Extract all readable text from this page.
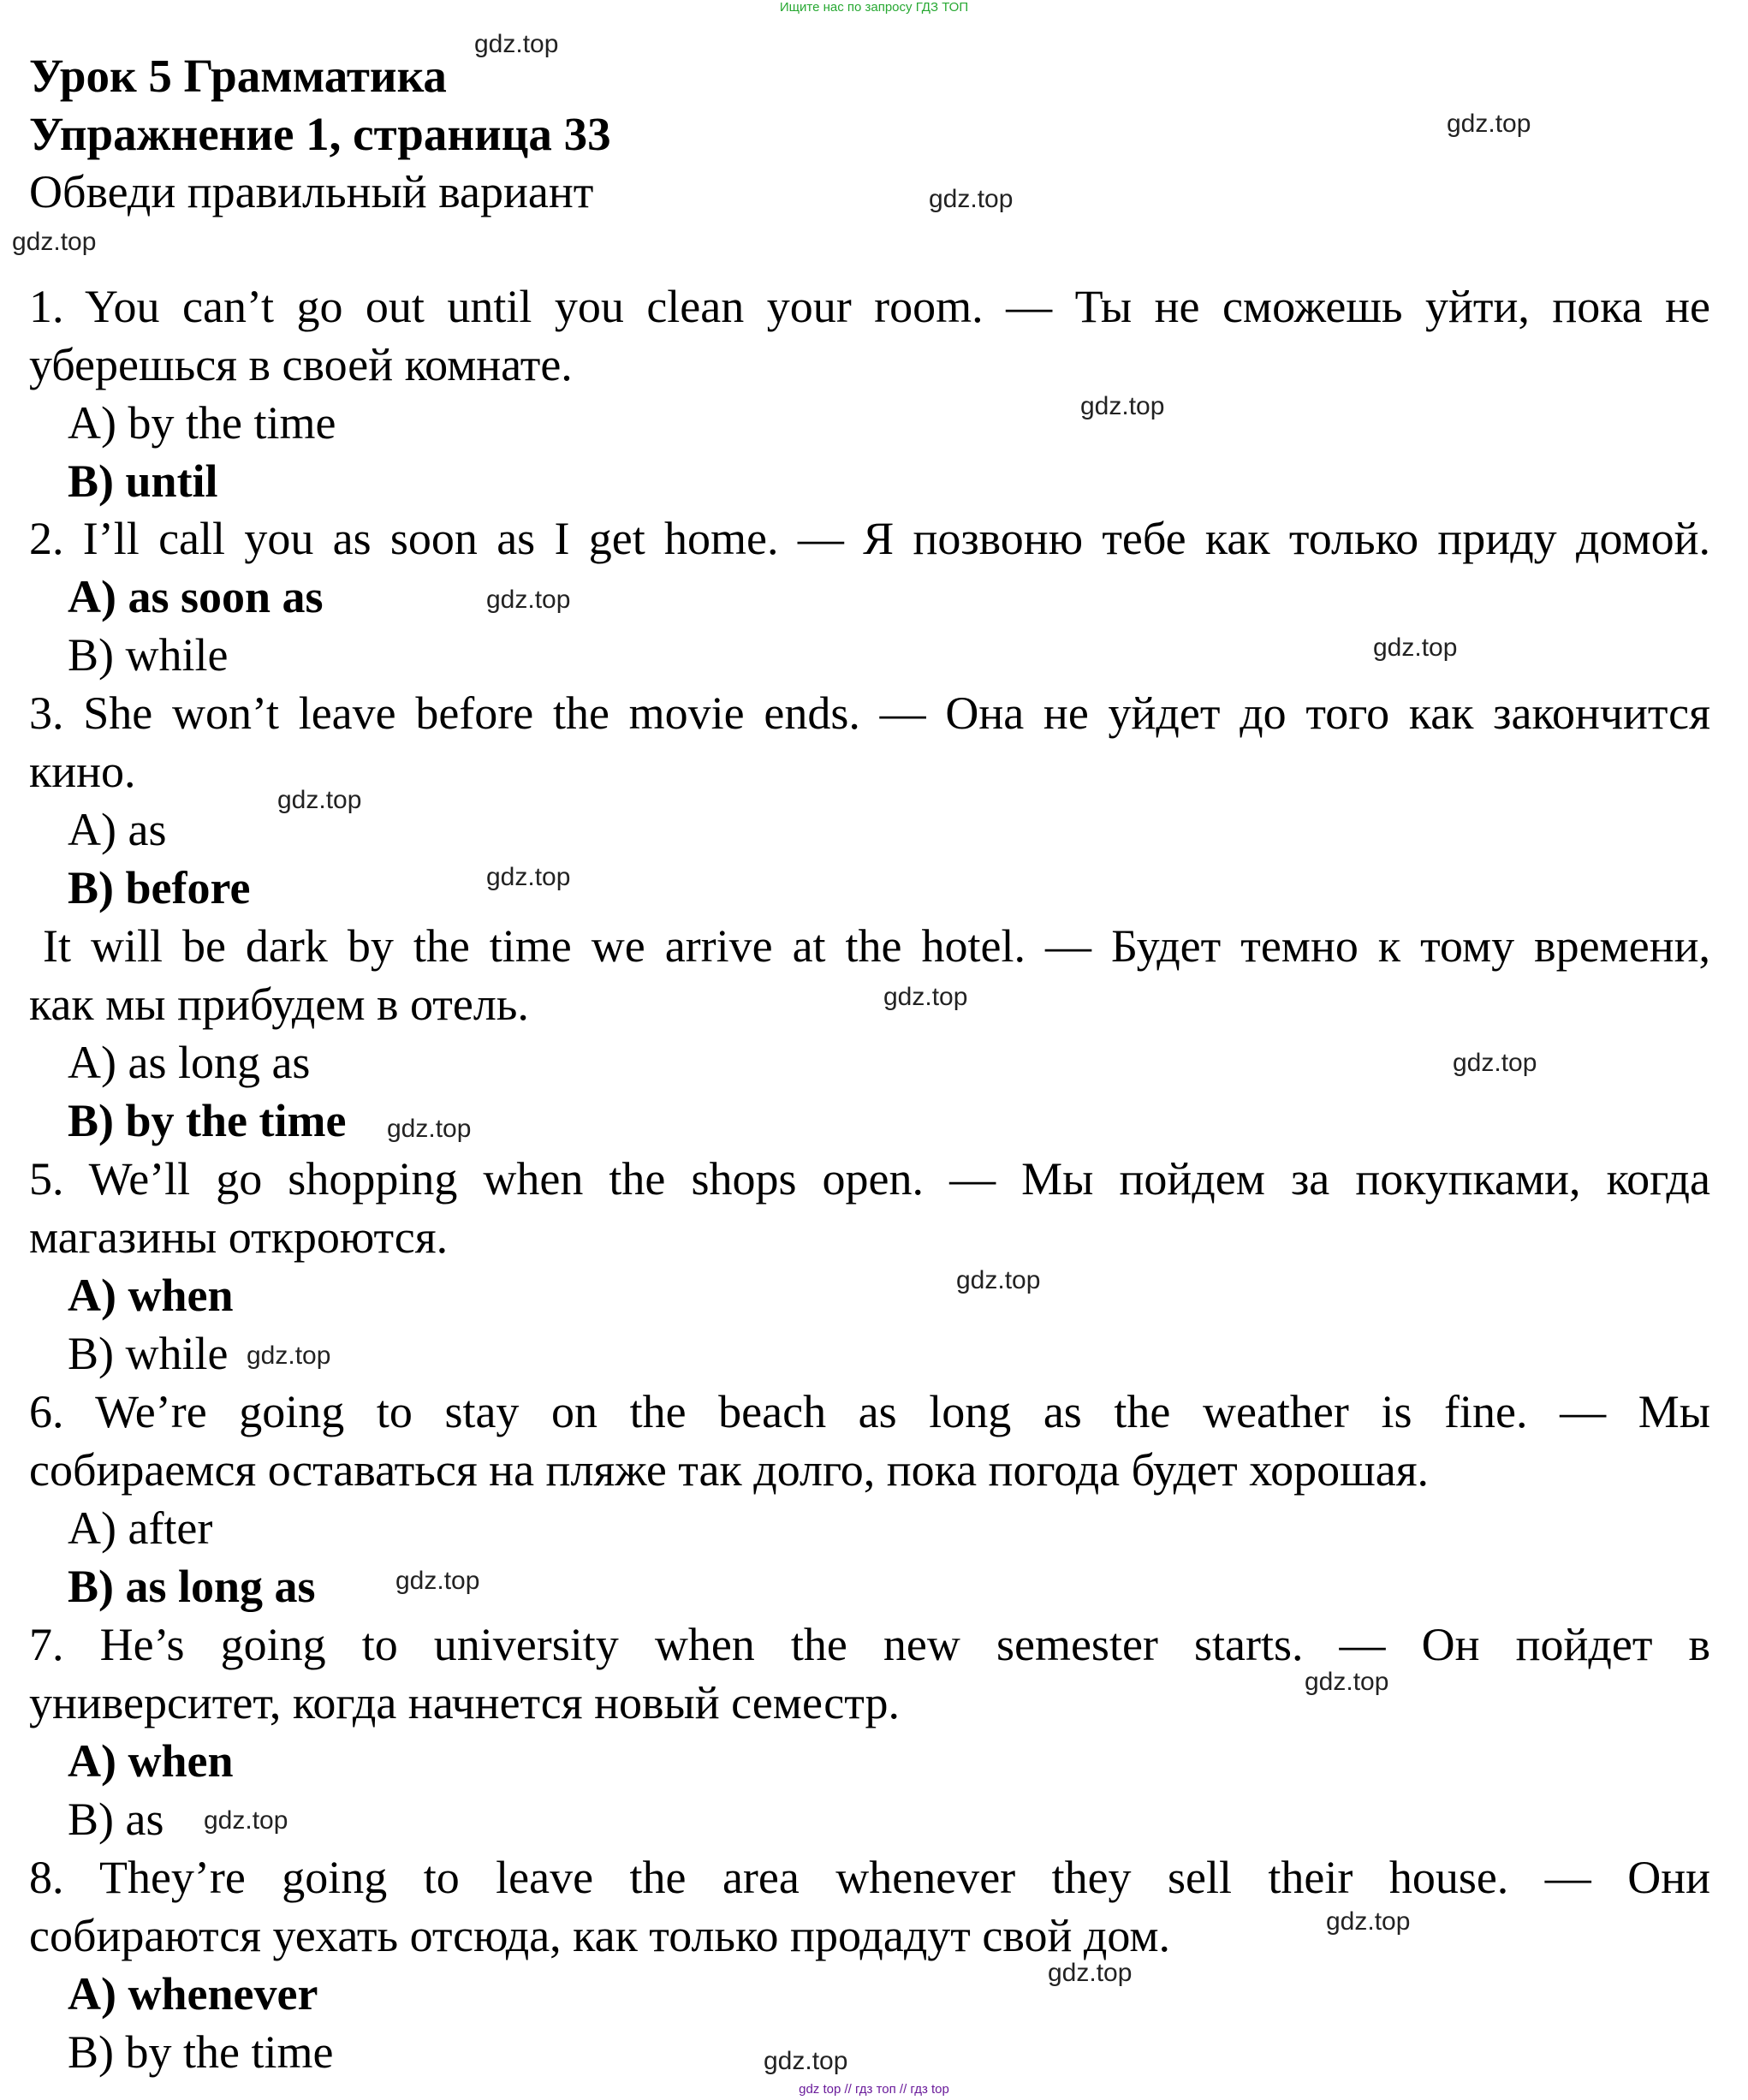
Ищите нас по запросу ГДЗ ТОП

Урок 5 Грамматика

Упражнение 1, страница 33

Обведи правильный вариант

1. You can’t go out until you clean your room. — Ты не сможешь уйти, пока не

уберешься в своей комнате.

A) by the time

B) until

2. I’ll call you as soon as I get home. — Я позвоню тебе как только приду домой.

A) as soon as

B) while

3. She won’t leave before the movie ends. — Она не уйдет до того как закончится

кино.

A) as

B) before

It will be dark by the time we arrive at the hotel. — Будет темно к тому времени,

как мы прибудем в отель.

A) as long as

B) by the time

5. We’ll go shopping when the shops open. — Мы пойдем за покупками, когда

магазины откроются.

A) when

B) while

6. We’re going to stay on the beach as long as the weather is fine. — Мы

собираемся оставаться на пляже так долго, пока погода будет хорошая.

A) after

B) as long as

7. He’s going to university when the new semester starts. — Он пойдет в

университет, когда начнется новый семестр.

A) when

B) as

8. They’re going to leave the area whenever they sell their house. — Они

собираются уехать отсюда, как только продадут свой дом.

A) whenever

B) by the time

gdz.top
gdz.top
gdz.top
gdz.top
gdz.top
gdz.top
gdz.top
gdz.top
gdz.top
gdz.top
gdz.top
gdz.top
gdz.top
gdz.top
gdz.top
gdz.top
gdz.top
gdz.top
gdz.top
gdz.top
gdz top // гдз топ // гдз top
